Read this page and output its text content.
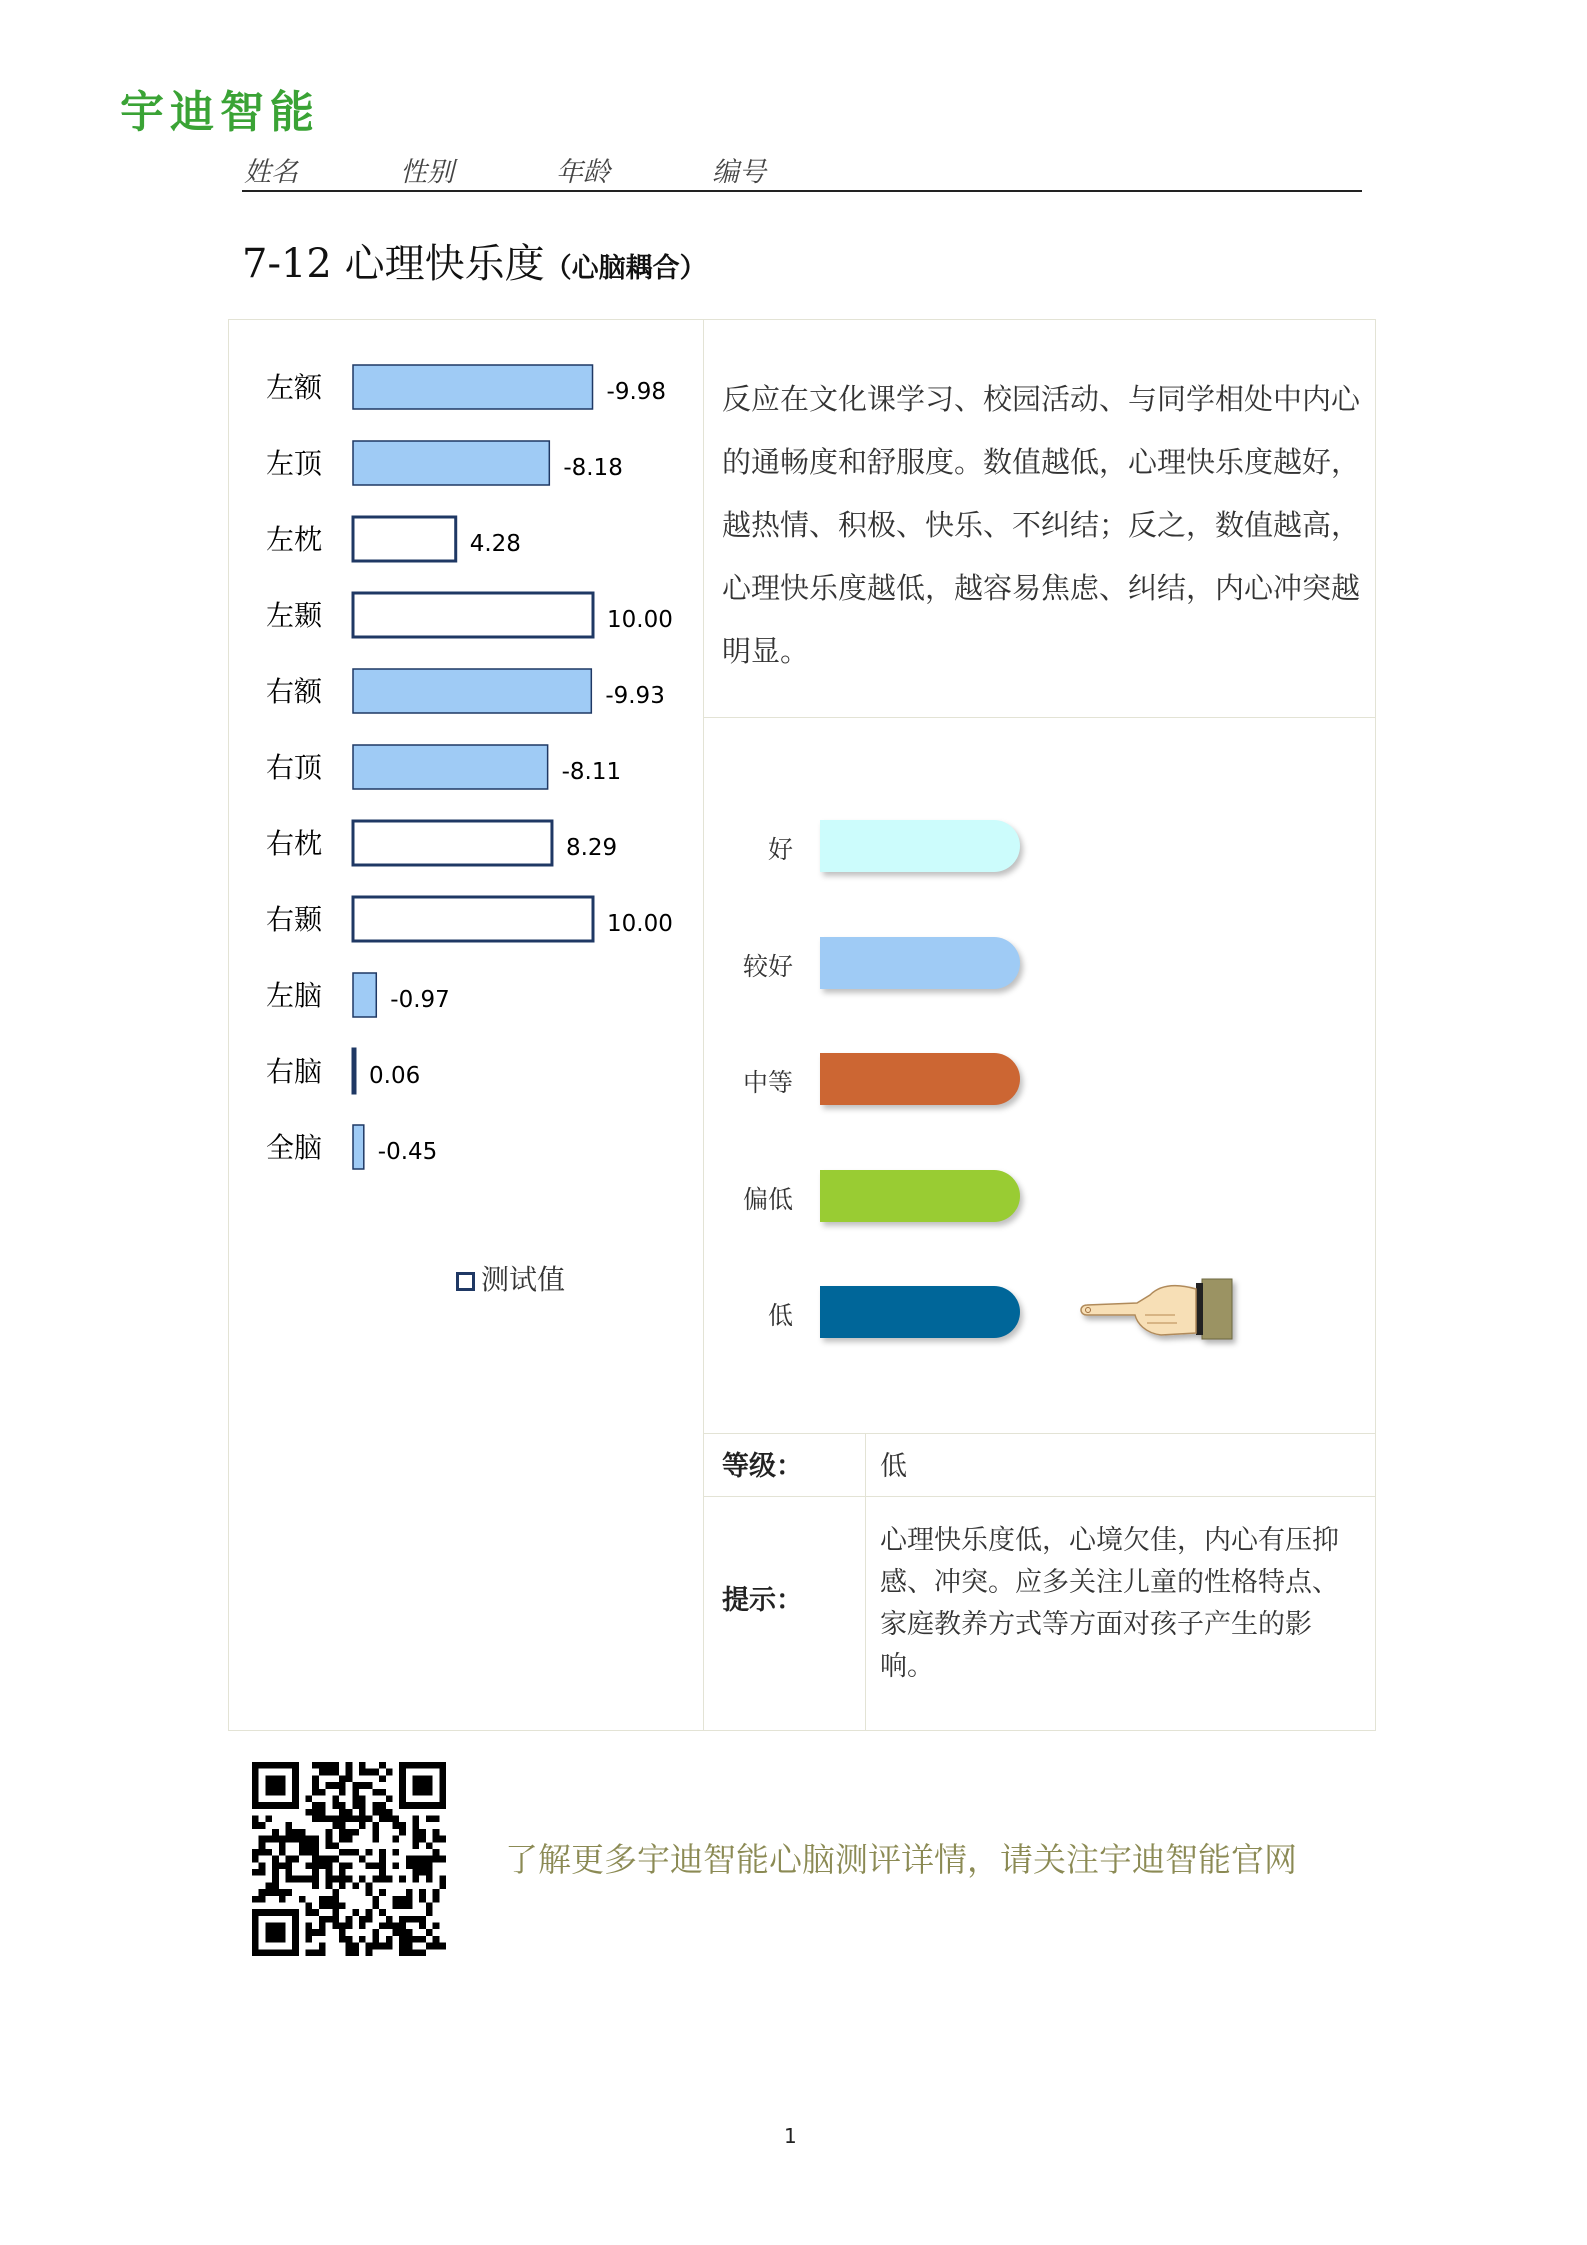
宇迪智能
姓名	性别	年龄	编号
7-12 心理快乐度（心脑耦合）
左额	-9.98
左顶	-8.18
左枕	4.28
左颞	10.00
右额	-9.93
右顶	-8.11
右枕	8.29
右颞	10.00
左脑	-0.97
右脑 0.06
全脑 -0.45
测试值
反应在文化课学习、校园活动、与同学相处中内心的通畅度和舒服度。数值越低，心理快乐度越好，越热情、积极、快乐、不纠结；反之，数值越高，心理快乐度越低，越容易焦虑、纠结，内心冲突越明显。
好
较好
中等
偏低
低
等级：	低
提示：
心理快乐度低，心境欠佳，内心有压抑感、冲突。应多关注儿童的性格特点、家庭教养方式等方面对孩子产生的影响。
了解更多宇迪智能心脑测评详情，请关注宇迪智能官网
1
